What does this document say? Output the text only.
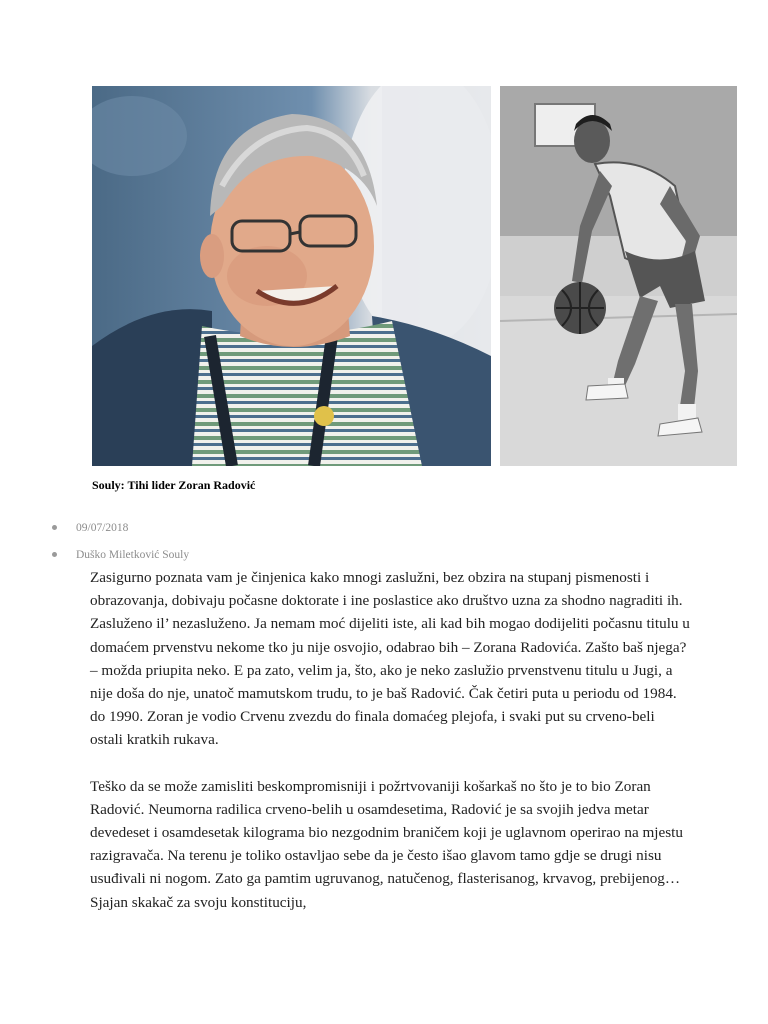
Souly: Tihi lider Zoran Radović

09/07/2018
Duško Miletković Souly

Zasigurno poznata vam je činjenica kako mnogi zaslužni, bez obzira na stupanj pismenosti i obrazovanja, dobivaju počasne doktorate i ine poslastice ako društvo uzna za shodno nagraditi ih. Zasluženo il’ nezasluženo. Ja nemam moć dijeliti iste, ali kad bih mogao dodijeliti počasnu titulu u domaćem prvenstvu nekome tko ju nije osvojio, odabrao bih – Zorana Radovića. Zašto baš njega? – možda priupita neko. E pa zato, velim ja, što, ako je neko zaslužio prvenstvenu titulu u Jugi, a nije doša do nje, unatoč mamutskom trudu, to je baš Radović. Čak četiri puta u periodu od 1984. do 1990. Zoran je vodio Crvenu zvezdu do finala domaćeg plejofa, i svaki put su crveno-beli ostali kratkih rukava.

Teško da se može zamisliti beskompromisniji i požrtvovaniji košarkaš no što je to bio Zoran Radović. Neumorna radilica crveno-belih u osamdesetima, Radović je sa svojih jedva metar devedeset i osamdesetak kilograma bio nezgodnim braničem koji je uglavnom operirao na mjestu razigravača. Na terenu je toliko ostavljao sebe da je često išao glavom tamo gdje se drugi nisu usuđivali ni nogom. Zato ga pamtim ugruvanog, natučenog, flasterisanog, krvavog, prebijenog… Sjajan skakač za svoju konstituciju,
